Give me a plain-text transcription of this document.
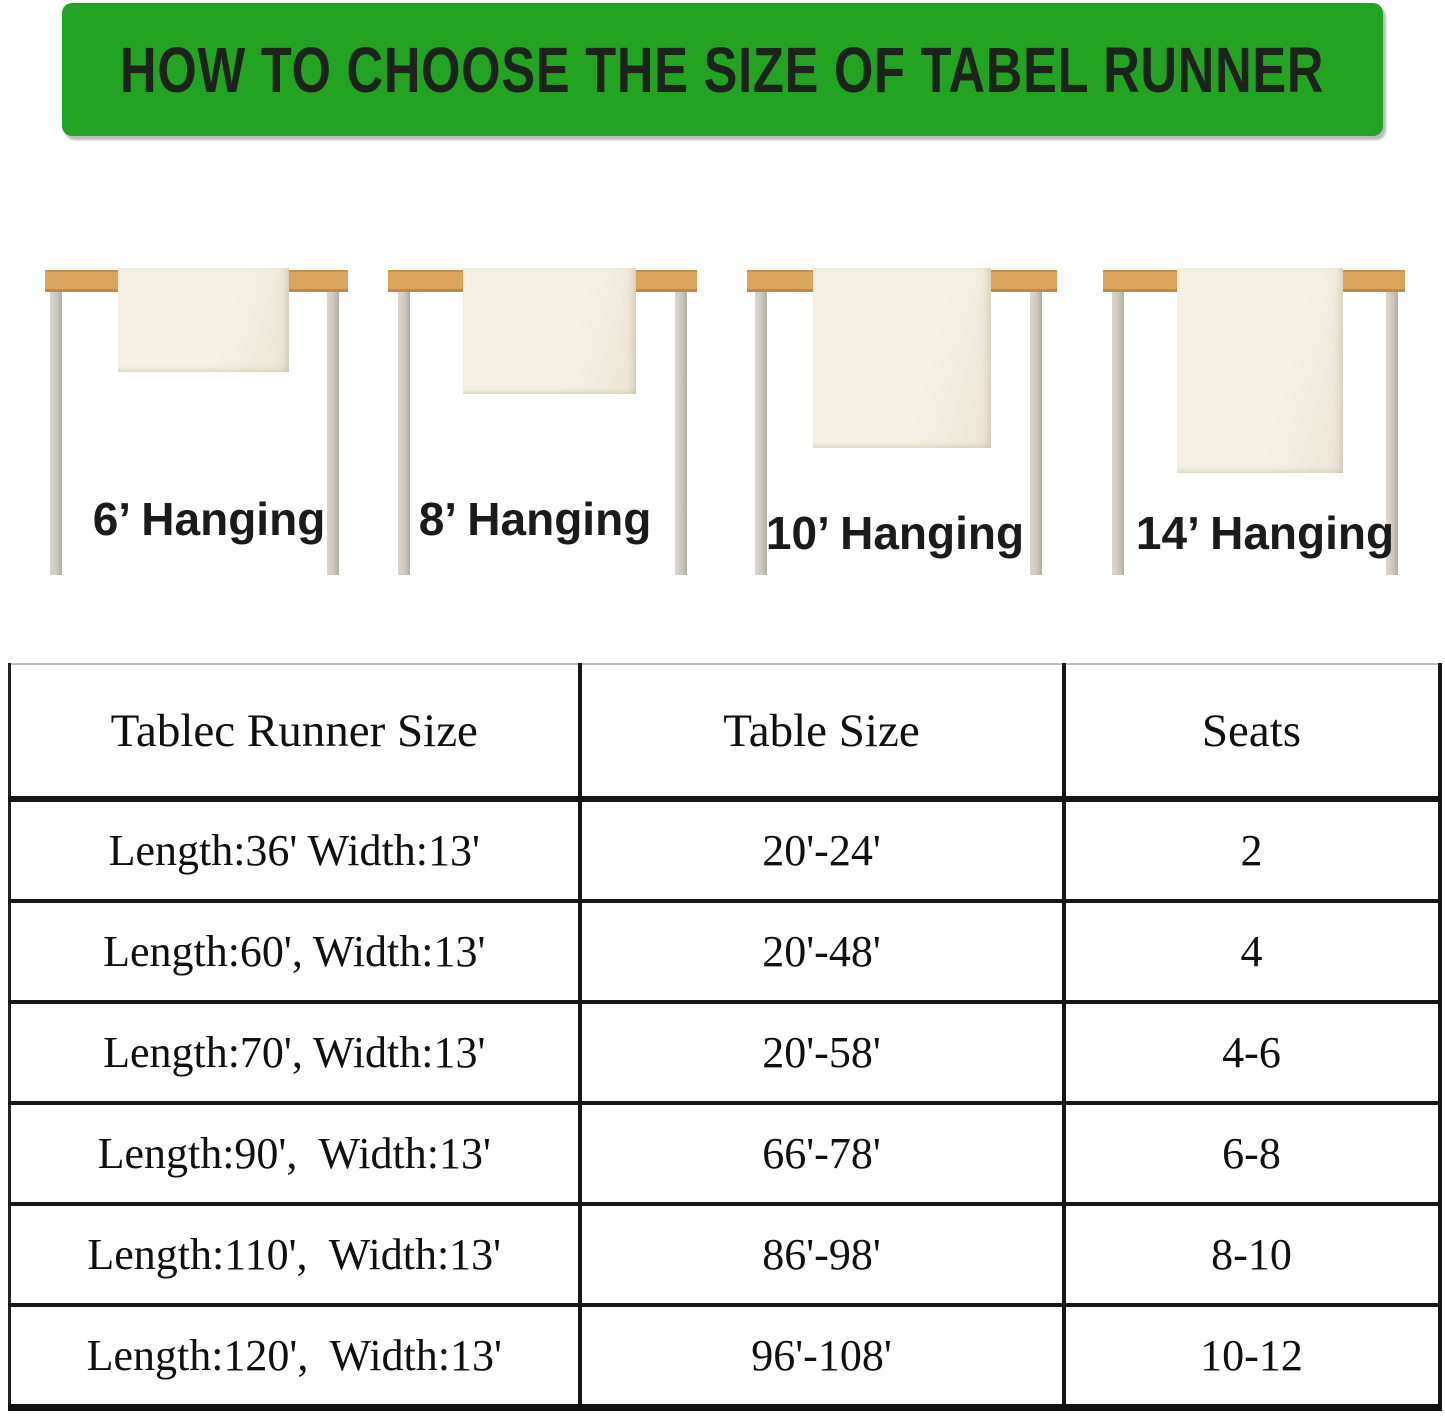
HOW TO CHOOSE THE SIZE OF TABEL RUNNER
6’ Hanging 8’ Hanging 10’ Hanging 14’ Hanging
Tablec Runner Size	Table Size	Seats
Length:36' Width:13'	20'-24'	2
Length:60', Width:13'	20'-48'	4
Length:70', Width:13'	20'-58'	4-6
Length:90',  Width:13'	66'-78'	6-8
Length:110',  Width:13'	86'-98'	8-10
Length:120',  Width:13'	96'-108'	10-12
